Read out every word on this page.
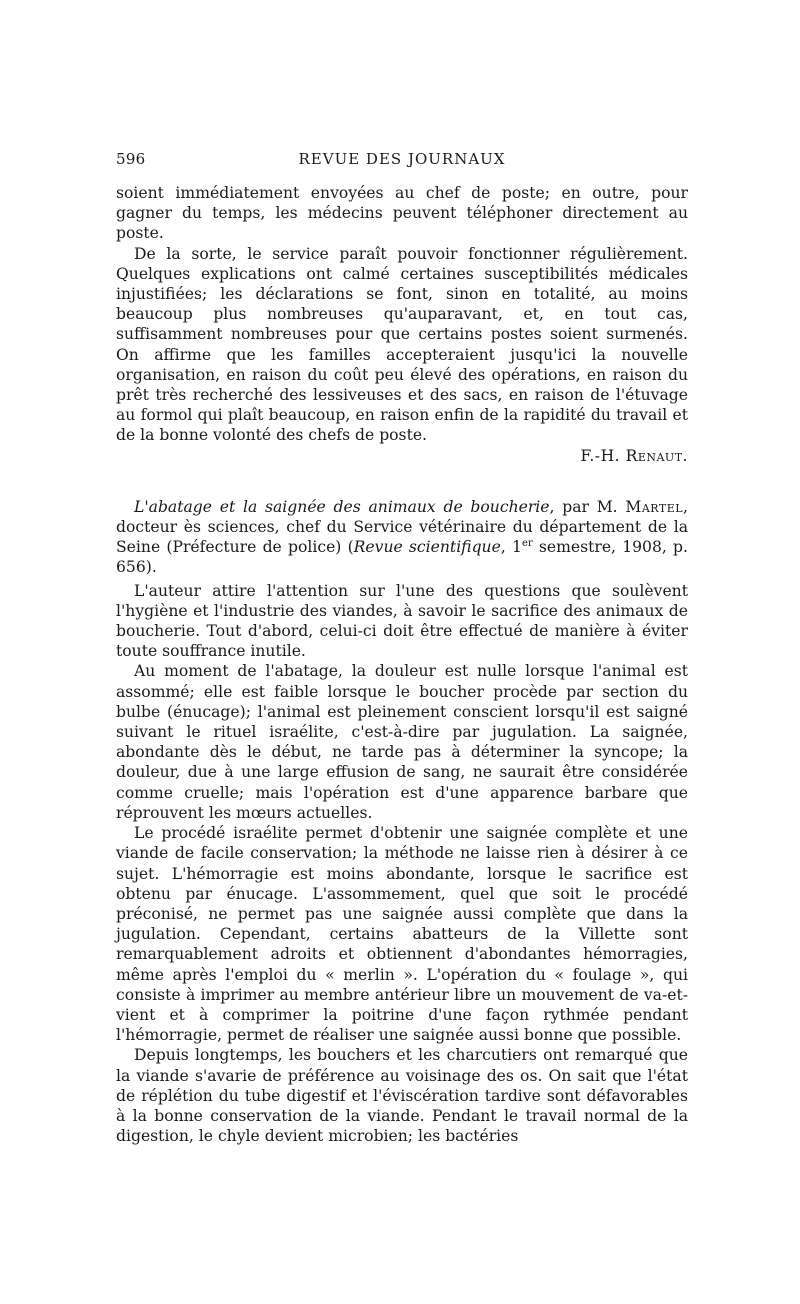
596	REVUE DES JOURNAUX

soient immédiatement envoyées au chef de poste; en outre, pour gagner du temps, les médecins peuvent téléphoner directement au poste.

De la sorte, le service paraît pouvoir fonctionner régulièrement. Quelques explications ont calmé certaines susceptibilités médicales injustifiées; les déclarations se font, sinon en totalité, au moins beaucoup plus nombreuses qu'auparavant, et, en tout cas, suffisamment nombreuses pour que certains postes soient surmenés. On affirme que les familles accepteraient jusqu'ici la nouvelle organisation, en raison du coût peu élevé des opérations, en raison du prêt très recherché des lessiveuses et des sacs, en raison de l'étuvage au formol qui plaît beaucoup, en raison enfin de la rapidité du travail et de la bonne volonté des chefs de poste.

F.-H. Renaut.

L'abatage et la saignée des animaux de boucherie, par M. Martel, docteur ès sciences, chef du Service vétérinaire du département de la Seine (Préfecture de police) (Revue scientifique, 1er semestre, 1908, p. 656).

L'auteur attire l'attention sur l'une des questions que soulèvent l'hygiène et l'industrie des viandes, à savoir le sacrifice des animaux de boucherie. Tout d'abord, celui-ci doit être effectué de manière à éviter toute souffrance inutile.

Au moment de l'abatage, la douleur est nulle lorsque l'animal est assommé; elle est faible lorsque le boucher procède par section du bulbe (énucage); l'animal est pleinement conscient lorsqu'il est saigné suivant le rituel israélite, c'est-à-dire par jugulation. La saignée, abondante dès le début, ne tarde pas à déterminer la syncope; la douleur, due à une large effusion de sang, ne saurait être considérée comme cruelle; mais l'opération est d'une apparence barbare que réprouvent les mœurs actuelles.

Le procédé israélite permet d'obtenir une saignée complète et une viande de facile conservation; la méthode ne laisse rien à désirer à ce sujet. L'hémorragie est moins abondante, lorsque le sacrifice est obtenu par énucage. L'assommement, quel que soit le procédé préconisé, ne permet pas une saignée aussi complète que dans la jugulation. Cependant, certains abatteurs de la Villette sont remarquablement adroits et obtiennent d'abondantes hémorragies, même après l'emploi du « merlin ». L'opération du « foulage », qui consiste à imprimer au membre antérieur libre un mouvement de va-et-vient et à comprimer la poitrine d'une façon rythmée pendant l'hémorragie, permet de réaliser une saignée aussi bonne que possible.

Depuis longtemps, les bouchers et les charcutiers ont remarqué que la viande s'avarie de préférence au voisinage des os. On sait que l'état de réplétion du tube digestif et l'éviscération tardive sont défavorables à la bonne conservation de la viande. Pendant le travail normal de la digestion, le chyle devient microbien; les bactéries
